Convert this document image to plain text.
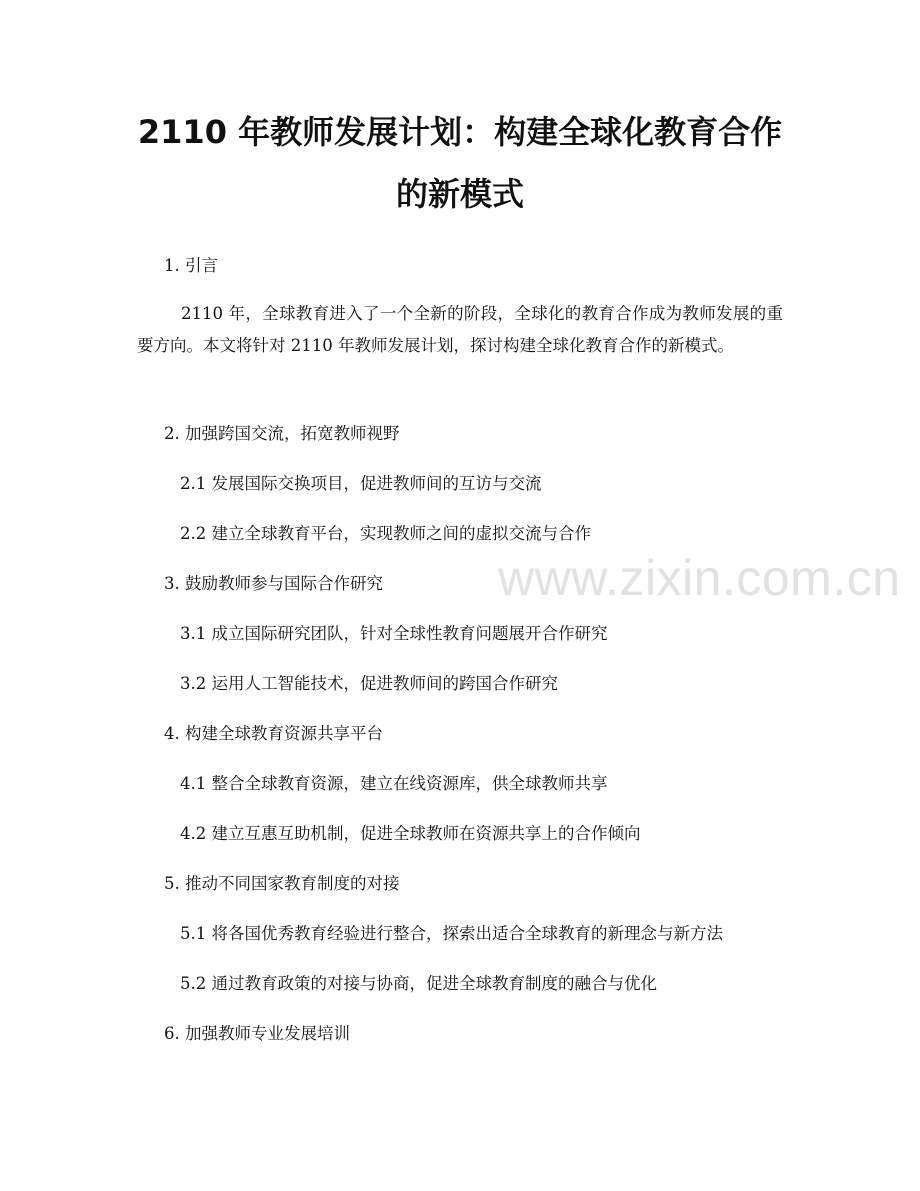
2110 年教师发展计划：构建全球化教育合作
的新模式
1. 引言
2110 年，全球教育进入了一个全新的阶段，全球化的教育合作成为教师发展的重要方向。本文将针对 2110 年教师发展计划，探讨构建全球化教育合作的新模式。
2. 加强跨国交流，拓宽教师视野
2.1 发展国际交换项目，促进教师间的互访与交流
2.2 建立全球教育平台，实现教师之间的虚拟交流与合作
3. 鼓励教师参与国际合作研究
3.1 成立国际研究团队，针对全球性教育问题展开合作研究
3.2 运用人工智能技术，促进教师间的跨国合作研究
4. 构建全球教育资源共享平台
4.1 整合全球教育资源，建立在线资源库，供全球教师共享
4.2 建立互惠互助机制，促进全球教师在资源共享上的合作倾向
5. 推动不同国家教育制度的对接
5.1 将各国优秀教育经验进行整合，探索出适合全球教育的新理念与新方法
5.2 通过教育政策的对接与协商，促进全球教育制度的融合与优化
6. 加强教师专业发展培训
www.zixin.com.cn
